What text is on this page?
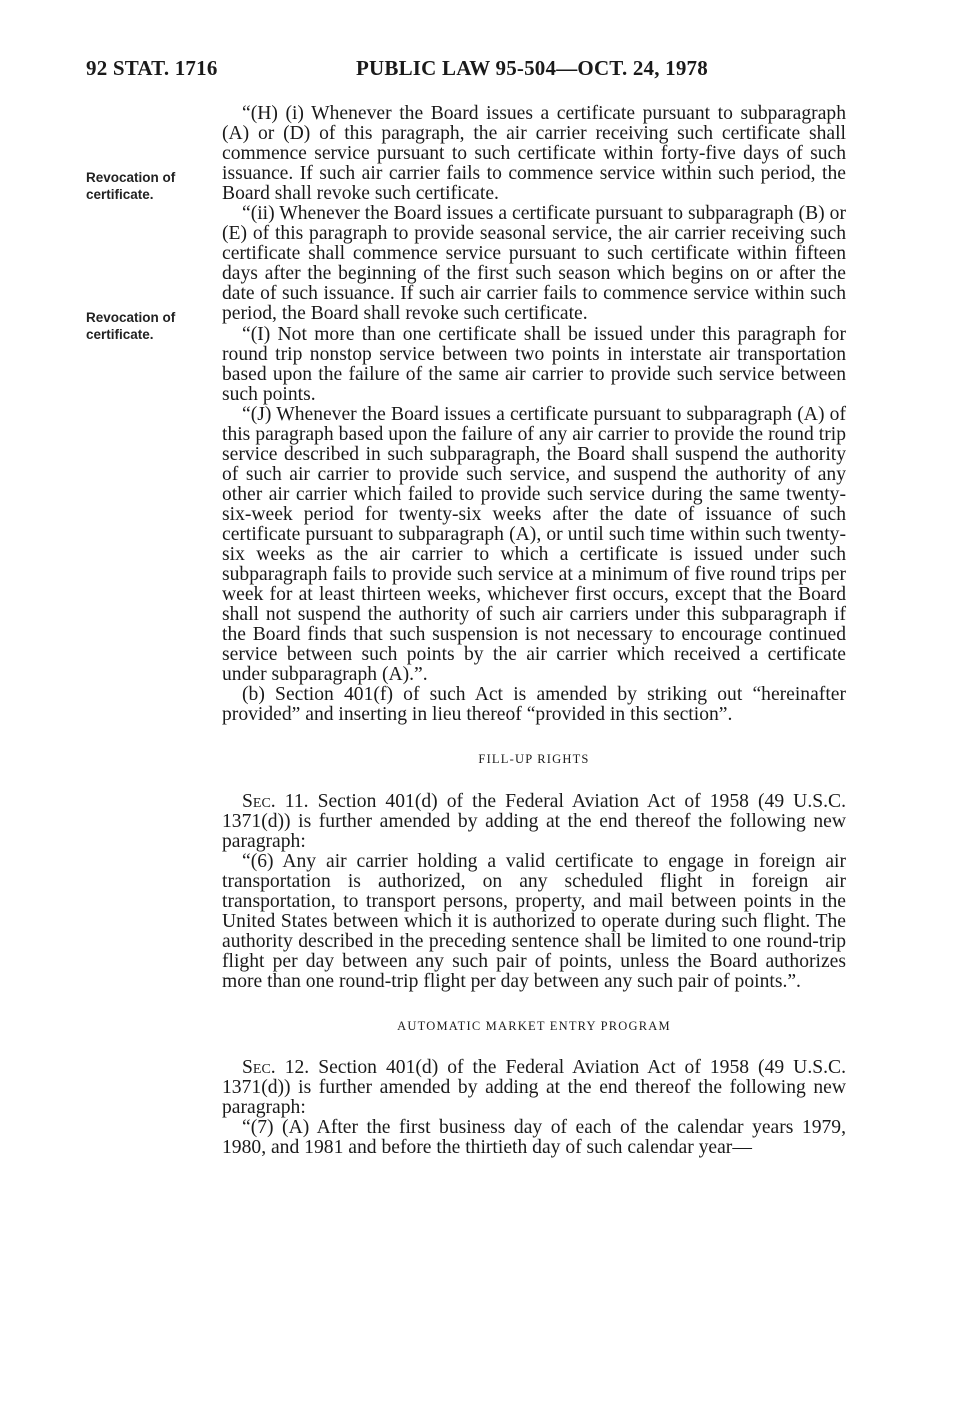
92 STAT. 1716	PUBLIC LAW 95-504—OCT. 24, 1978
Revocation of certificate.
Revocation of certificate.

“(H) (i) Whenever the Board issues a certificate pursuant to subparagraph (A) or (D) of this paragraph, the air carrier receiving such certificate shall commence service pursuant to such certificate within forty-five days of such issuance. If such air carrier fails to commence service within such period, the Board shall revoke such certificate.

“(ii) Whenever the Board issues a certificate pursuant to subparagraph (B) or (E) of this paragraph to provide seasonal service, the air carrier receiving such certificate shall commence service pursuant to such certificate within fifteen days after the beginning of the first such season which begins on or after the date of such issuance. If such air carrier fails to commence service within such period, the Board shall revoke such certificate.

“(I) Not more than one certificate shall be issued under this paragraph for round trip nonstop service between two points in interstate air transportation based upon the failure of the same air carrier to provide such service between such points.

“(J) Whenever the Board issues a certificate pursuant to subparagraph (A) of this paragraph based upon the failure of any air carrier to provide the round trip service described in such subparagraph, the Board shall suspend the authority of such air carrier to provide such service, and suspend the authority of any other air carrier which failed to provide such service during the same twenty-six-week period for twenty-six weeks after the date of issuance of such certificate pursuant to subparagraph (A), or until such time within such twenty-six weeks as the air carrier to which a certificate is issued under such subparagraph fails to provide such service at a minimum of five round trips per week for at least thirteen weeks, whichever first occurs, except that the Board shall not suspend the authority of such air carriers under this subparagraph if the Board finds that such suspension is not necessary to encourage continued service between such points by the air carrier which received a certificate under subparagraph (A).”.

(b) Section 401(f) of such Act is amended by striking out “hereinafter provided” and inserting in lieu thereof “provided in this section”.

FILL-UP RIGHTS

Sec. 11. Section 401(d) of the Federal Aviation Act of 1958 (49 U.S.C. 1371(d)) is further amended by adding at the end thereof the following new paragraph:

“(6) Any air carrier holding a valid certificate to engage in foreign air transportation is authorized, on any scheduled flight in foreign air transportation, to transport persons, property, and mail between points in the United States between which it is authorized to operate during such flight. The authority described in the preceding sentence shall be limited to one round-trip flight per day between any such pair of points, unless the Board authorizes more than one round-trip flight per day between any such pair of points.”.

AUTOMATIC MARKET ENTRY PROGRAM

Sec. 12. Section 401(d) of the Federal Aviation Act of 1958 (49 U.S.C. 1371(d)) is further amended by adding at the end thereof the following new paragraph:

“(7) (A) After the first business day of each of the calendar years 1979, 1980, and 1981 and before the thirtieth day of such calendar year—
